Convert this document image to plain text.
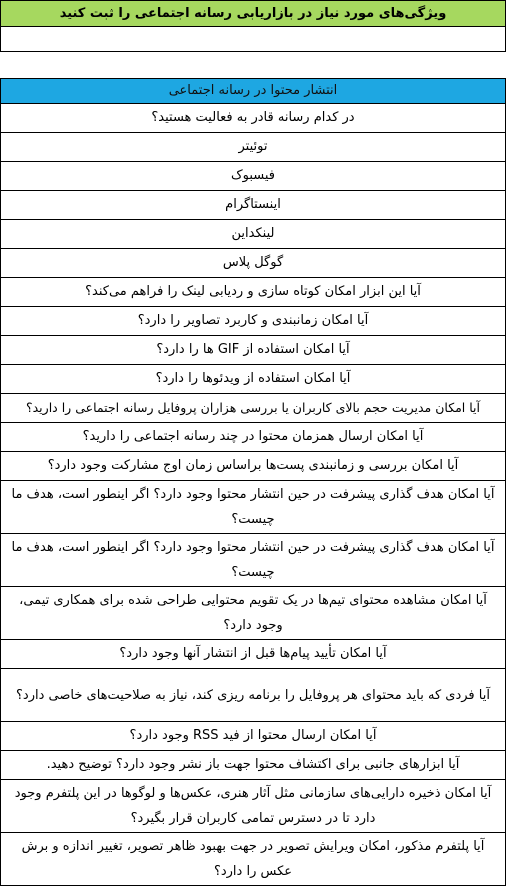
ویژگی‌های مورد نیاز در بازاریابی رسانه اجتماعی را ثبت کنید

انتشار محتوا در رسانه اجتماعی
در کدام رسانه قادر به فعالیت هستید؟
توئیتر
فیسبوک
اینستاگرام
لینکداین
گوگل پلاس
آیا این ابزار امکان کوتاه سازی و ردیابی لینک را فراهم می‌کند؟
آیا امکان زمانبندی و کاربرد تصاویر را دارد؟
آیا امکان استفاده از GIF ها را دارد؟
آیا امکان استفاده از ویدئوها را دارد؟
آیا امکان مدیریت حجم بالای کاربران یا بررسی هزاران پروفایل رسانه اجتماعی را دارید؟
آیا امکان ارسال همزمان محتوا در چند رسانه اجتماعی را دارید؟
آیا امکان بررسی و زمانبندی پست‌ها براساس زمان اوج مشارکت وجود دارد؟
آیا امکان هدف گذاری پیشرفت در حین انتشار محتوا وجود دارد؟ اگر اینطور است، هدف ما چیست؟
آیا امکان هدف گذاری پیشرفت در حین انتشار محتوا وجود دارد؟ اگر اینطور است، هدف ما چیست؟
آیا امکان مشاهده محتوای تیم‌ها در یک تقویم محتوایی طراحی شده برای همکاری تیمی، وجود دارد؟
آیا امکان تأیید پیام‌ها قبل از انتشار آنها وجود دارد؟
آیا فردی که باید محتوای هر پروفایل را برنامه ریزی کند، نیاز به صلاحیت‌های خاصی دارد؟
آیا امکان ارسال محتوا از فید RSS وجود دارد؟
آیا ابزارهای جانبی برای اکتشاف محتوا جهت باز نشر وجود دارد؟ توضیح دهید.
آیا امکان ذخیره دارایی‌های سازمانی مثل آثار هنری، عکس‌ها و لوگوها در این پلتفرم وجود دارد تا در دسترس تمامی کاربران قرار بگیرد؟
آیا پلتفرم مذکور، امکان ویرایش تصویر در جهت بهبود ظاهر تصویر، تغییر اندازه و برش عکس را دارد؟
